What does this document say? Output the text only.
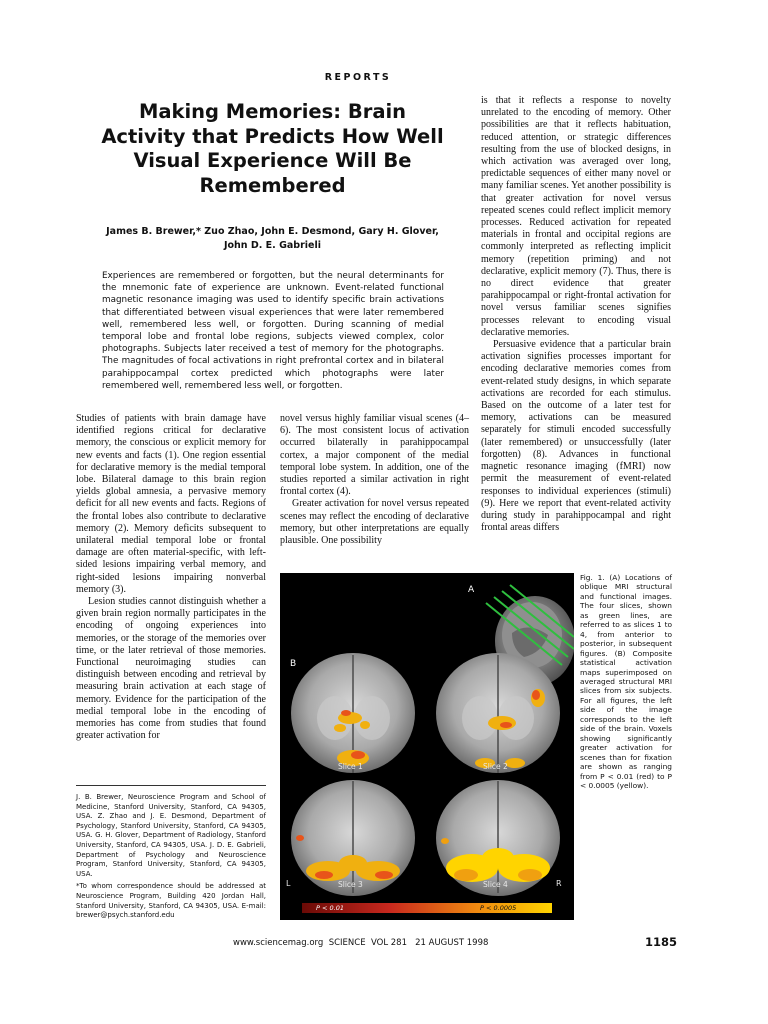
REPORTS
Making Memories: Brain Activity that Predicts How Well Visual Experience Will Be Remembered

James B. Brewer,* Zuo Zhao, John E. Desmond, Gary H. Glover, John D. E. Gabrieli

Experiences are remembered or forgotten, but the neural determinants for the mnemonic fate of experience are unknown. Event-related functional magnetic resonance imaging was used to identify specific brain activations that differentiated between visual experiences that were later remembered well, remembered less well, or forgotten. During scanning of medial temporal lobe and frontal lobe regions, subjects viewed complex, color photographs. Subjects later received a test of memory for the photographs. The magnitudes of focal activations in right prefrontal cortex and in bilateral parahippocampal cortex predicted which photographs were later remembered well, remembered less well, or forgotten.

Studies of patients with brain damage have identified regions critical for declarative memory, the conscious or explicit memory for new events and facts (1). One region essential for declarative memory is the medial temporal lobe. Bilateral damage to this brain region yields global amnesia, a pervasive memory deficit for all new events and facts. Regions of the frontal lobes also contribute to declarative memory (2). Memory deficits subsequent to unilateral medial temporal lobe or frontal damage are often material-specific, with left-sided lesions impairing verbal memory, and right-sided lesions impairing nonverbal memory (3).

Lesion studies cannot distinguish whether a given brain region normally participates in the encoding of ongoing experiences into memories, or the storage of the memories over time, or the later retrieval of those memories. Functional neuroimaging studies can distinguish between encoding and retrieval by measuring brain activation at each stage of memory. Evidence for the participation of the medial temporal lobe in the encoding of memories has come from studies that found greater activation for

novel versus highly familiar visual scenes (4–6). The most consistent locus of activation occurred bilaterally in parahippocampal cortex, a major component of the medial temporal lobe system. In addition, one of the studies reported a similar activation in right frontal cortex (4).

Greater activation for novel versus repeated scenes may reflect the encoding of declarative memory, but other interpretations are equally plausible. One possibility

is that it reflects a response to novelty unrelated to the encoding of memory. Other possibilities are that it reflects habituation, reduced attention, or strategic differences resulting from the use of blocked designs, in which activation was averaged over long, predictable sequences of either many novel or many familiar scenes. Yet another possibility is that greater activation for novel versus repeated scenes could reflect implicit memory processes. Reduced activation for repeated materials in frontal and occipital regions are commonly interpreted as reflecting implicit memory (repetition priming) and not declarative, explicit memory (7). Thus, there is no direct evidence that greater parahippocampal or right-frontal activation for novel versus familiar scenes signifies processes relevant to encoding visual declarative memories.

Persuasive evidence that a particular brain activation signifies processes important for encoding declarative memories comes from event-related study designs, in which separate activations are recorded for each stimulus. Based on the outcome of a later test for memory, activations can be measured separately for stimuli encoded successfully (later remembered) or unsuccessfully (later forgotten) (8). Advances in functional magnetic resonance imaging (fMRI) now permit the measurement of event-related responses to individual experiences (stimuli) (9). Here we report that event-related activity during study in parahippocampal and right frontal areas differs

J. B. Brewer, Neuroscience Program and School of Medicine, Stanford University, Stanford, CA 94305, USA. Z. Zhao and J. E. Desmond, Department of Psychology, Stanford University, Stanford, CA 94305, USA. G. H. Glover, Department of Radiology, Stanford University, Stanford, CA 94305, USA. J. D. E. Gabrieli, Department of Psychology and Neuroscience Program, Stanford University, Stanford, CA 94305, USA.

*To whom correspondence should be addressed at Neuroscience Program, Building 420 Jordan Hall, Stanford University, Stanford, CA 94305, USA. E-mail: brewer@psych.stanford.edu

A
B
Slice 1	Slice 2
Slice 3	Slice 4
L	R
P < 0.01	P < 0.0005

Fig. 1. (A) Locations of oblique MRI structural and functional images. The four slices, shown as green lines, are referred to as slices 1 to 4, from anterior to posterior, in subsequent figures. (B) Composite statistical activation maps superimposed on averaged structural MRI slices from six subjects. For all figures, the left side of the image corresponds to the left side of the brain. Voxels showing significantly greater activation for scenes than for fixation are shown as ranging from P < 0.01 (red) to P < 0.0005 (yellow).

www.sciencemag.org SCIENCE VOL 281 21 AUGUST 1998	1185
